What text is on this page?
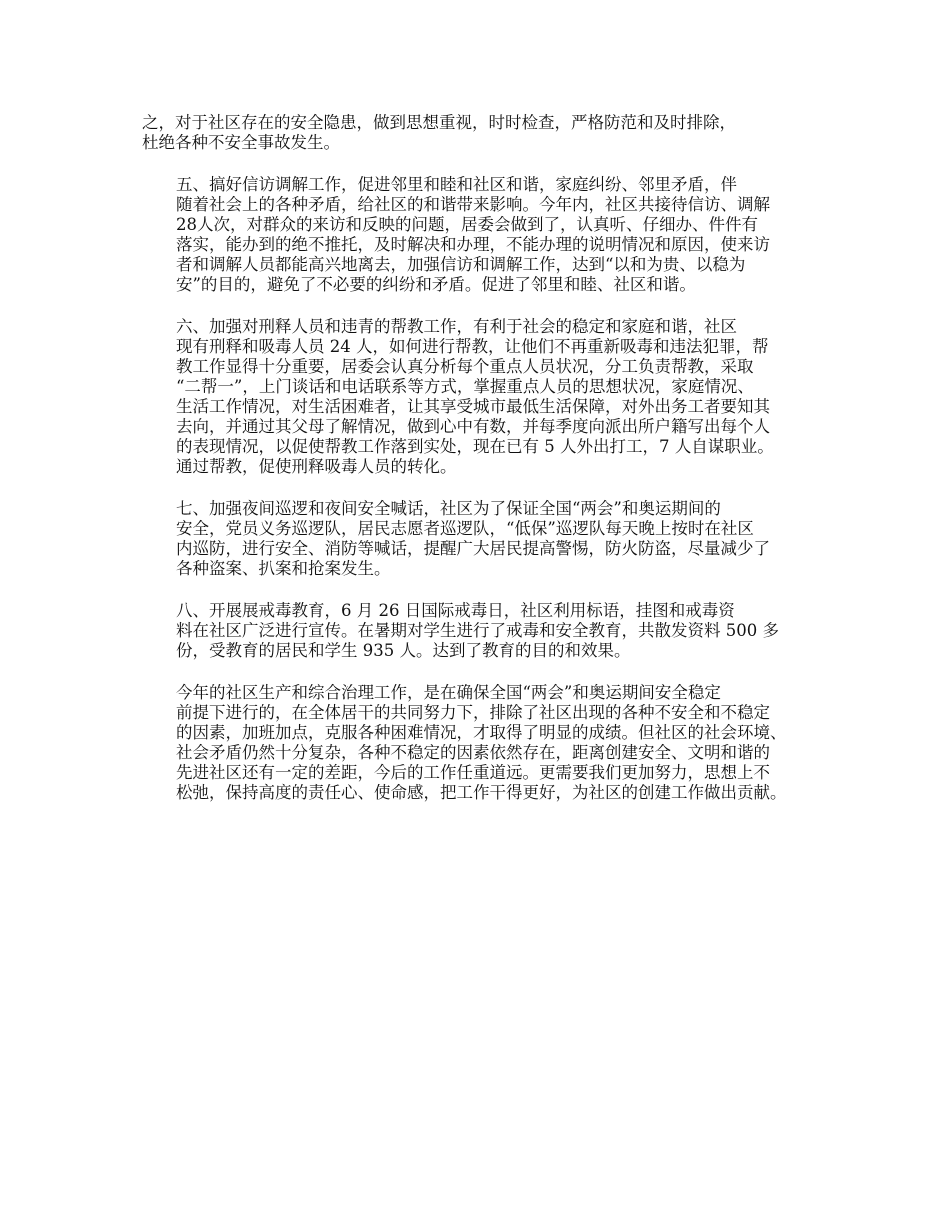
之，对于社区存在的安全隐患，做到思想重视，时时检查，严格防范和及时排除，
杜绝各种不安全事故发生。

五、搞好信访调解工作，促进邻里和睦和社区和谐，家庭纠纷、邻里矛盾，伴
随着社会上的各种矛盾，给社区的和谐带来影响。今年内，社区共接待信访、调解
28人次，对群众的来访和反映的问题，居委会做到了，认真听、仔细办、件件有
落实，能办到的绝不推托，及时解决和办理，不能办理的说明情况和原因，使来访
者和调解人员都能高兴地离去，加强信访和调解工作，达到“以和为贵、以稳为
安”的目的，避免了不必要的纠纷和矛盾。促进了邻里和睦、社区和谐。

六、加强对刑释人员和违青的帮教工作，有利于社会的稳定和家庭和谐，社区
现有刑释和吸毒人员 24 人，如何进行帮教，让他们不再重新吸毒和违法犯罪，帮
教工作显得十分重要，居委会认真分析每个重点人员状况，分工负责帮教，采取
“二帮一”，上门谈话和电话联系等方式，掌握重点人员的思想状况，家庭情况、
生活工作情况，对生活困难者，让其享受城市最低生活保障，对外出务工者要知其
去向，并通过其父母了解情况，做到心中有数，并每季度向派出所户籍写出每个人
的表现情况，以促使帮教工作落到实处，现在已有 5 人外出打工，7 人自谋职业。
通过帮教，促使刑释吸毒人员的转化。

七、加强夜间巡逻和夜间安全喊话，社区为了保证全国“两会”和奥运期间的
安全，党员义务巡逻队，居民志愿者巡逻队，“低保”巡逻队每天晚上按时在社区
内巡防，进行安全、消防等喊话，提醒广大居民提高警惕，防火防盗，尽量减少了
各种盗案、扒案和抢案发生。

八、开展展戒毒教育，6 月 26 日国际戒毒日，社区利用标语，挂图和戒毒资
料在社区广泛进行宣传。在暑期对学生进行了戒毒和安全教育，共散发资料 500 多
份，受教育的居民和学生 935 人。达到了教育的目的和效果。

今年的社区生产和综合治理工作，是在确保全国“两会”和奥运期间安全稳定
前提下进行的，在全体居干的共同努力下，排除了社区出现的各种不安全和不稳定
的因素，加班加点，克服各种困难情况，才取得了明显的成绩。但社区的社会环境、
社会矛盾仍然十分复杂，各种不稳定的因素依然存在，距离创建安全、文明和谐的
先进社区还有一定的差距，今后的工作任重道远。更需要我们更加努力，思想上不
松弛，保持高度的责任心、使命感，把工作干得更好，为社区的创建工作做出贡献。
